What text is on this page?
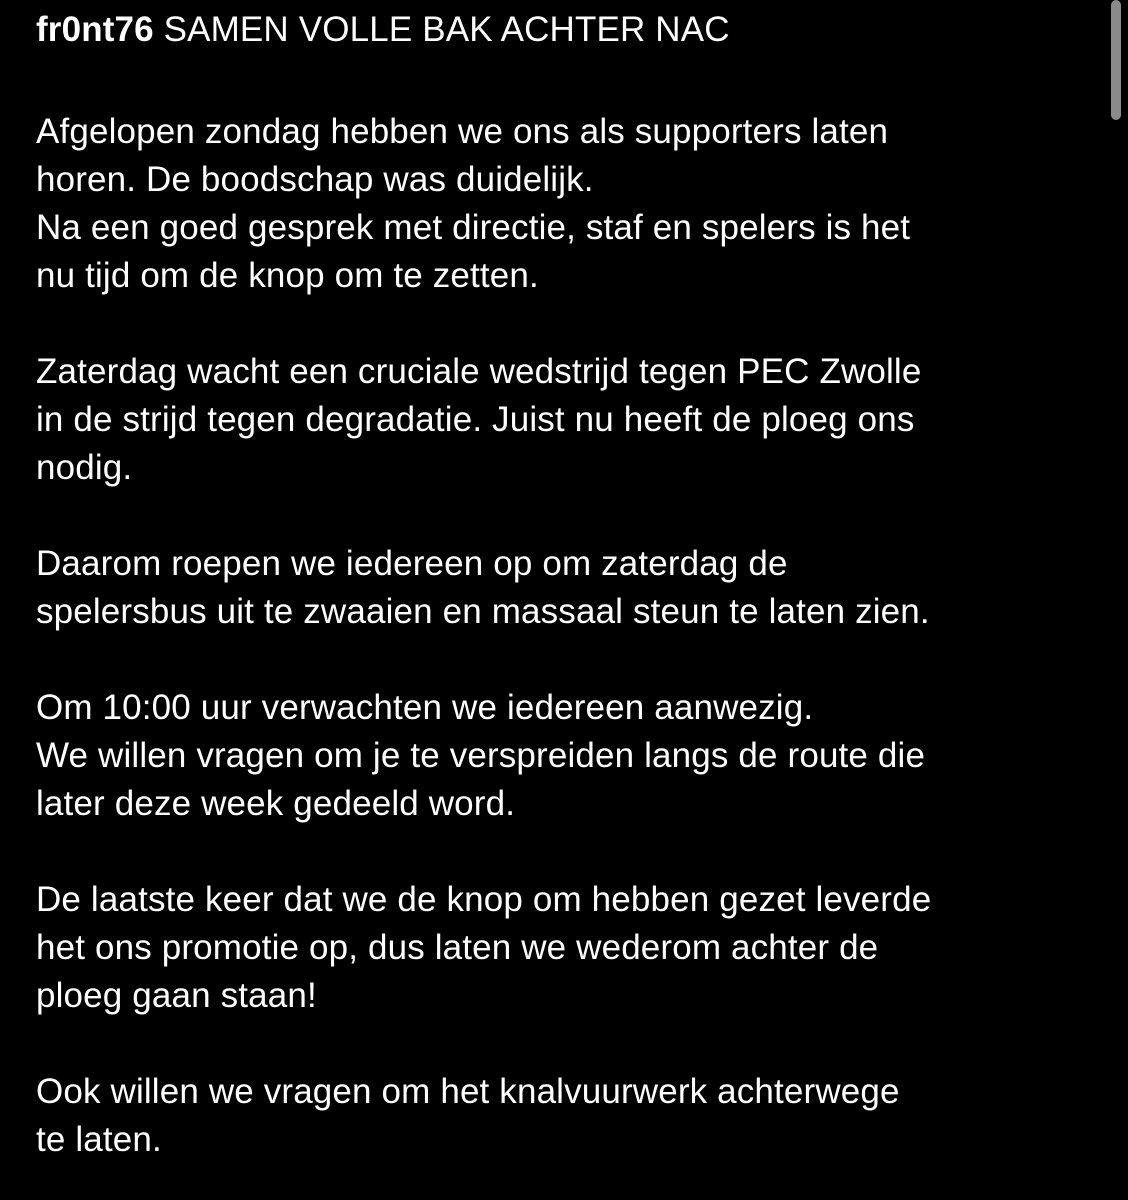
fr0nt76 SAMEN VOLLE BAK ACHTER NAC

Afgelopen zondag hebben we ons als supporters laten
horen. De boodschap was duidelijk.
Na een goed gesprek met directie, staf en spelers is het
nu tijd om de knop om te zetten.

Zaterdag wacht een cruciale wedstrijd tegen PEC Zwolle
in de strijd tegen degradatie. Juist nu heeft de ploeg ons
nodig.

Daarom roepen we iedereen op om zaterdag de
spelersbus uit te zwaaien en massaal steun te laten zien.

Om 10:00 uur verwachten we iedereen aanwezig.
We willen vragen om je te verspreiden langs de route die
later deze week gedeeld word.

De laatste keer dat we de knop om hebben gezet leverde
het ons promotie op, dus laten we wederom achter de
ploeg gaan staan!

Ook willen we vragen om het knalvuurwerk achterwege
te laten.
